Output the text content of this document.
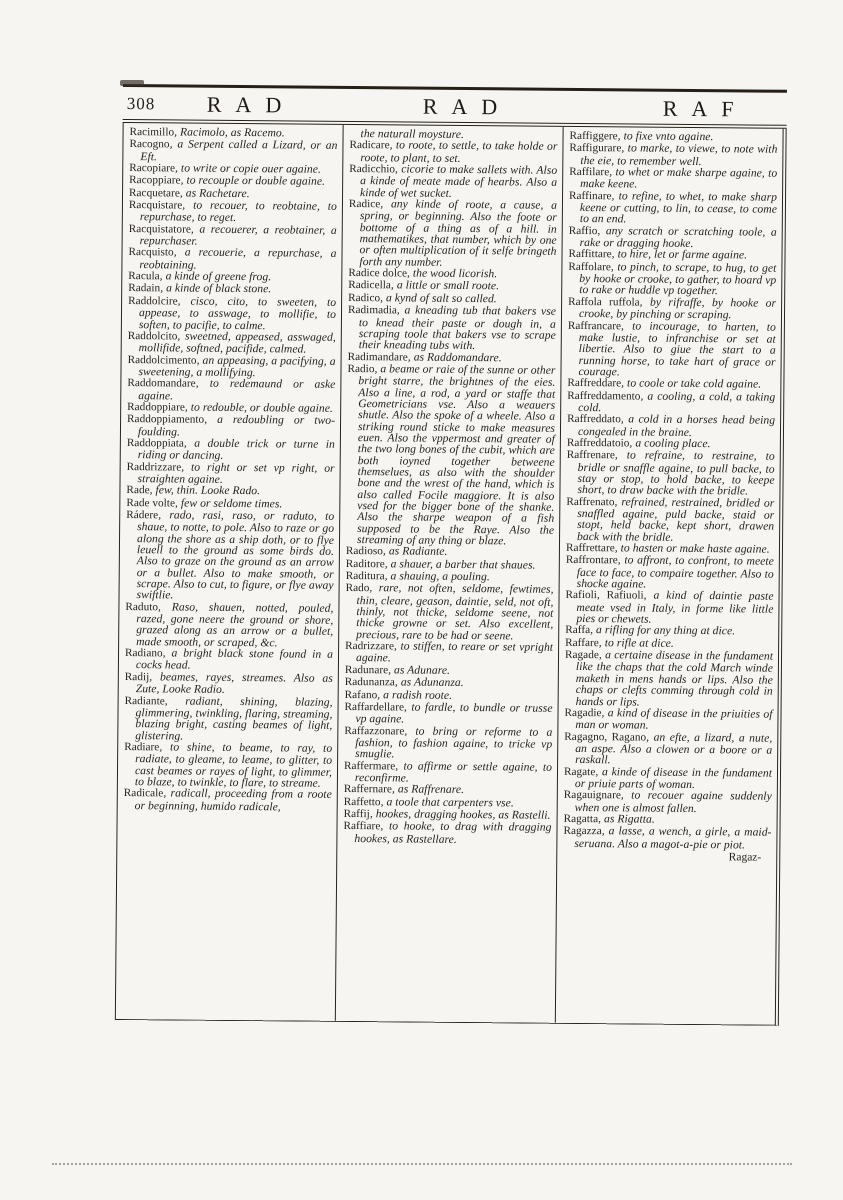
308 RAD	RAD	RAF
Racimillo, Racimolo, as Racemo.
Racogno, a Serpent called a Lizard, or an Eft.
Racopiare, to write or copie ouer againe.
Racoppiare, to recouple or double againe.
Racquetare, as Rachetare.
Racquistare, to recouer, to reobtaine, to repurchase, to reget.
Racquistatore, a recouerer, a reobtainer, a repurchaser.
Racquisto, a recouerie, a repurchase, a reobtaining.
Racula, a kinde of greene frog.
Radain, a kinde of black stone.
Raddolcire, cisco, cito, to sweeten, to appease, to asswage, to mollifie, to soften, to pacifie, to calme.
Raddolcito, sweetned, appeased, asswaged, mollifide, softned, pacifide, calmed.
Raddolcimento, an appeasing, a pacifying, a sweetening, a mollifying.
Raddomandare, to redemaund or aske againe.
Raddoppiare, to redouble, or double againe.
Raddoppiamento, a redoubling or two-foulding.
Raddoppiata, a double trick or turne in riding or dancing.
Raddrizzare, to right or set vp right, or straighten againe.
Rade, few, thin. Looke Rado.
Rade volte, few or seldome times.
Rádere, rado, rasi, raso, or raduto, to shaue, to notte, to pole. Also to raze or go along the shore as a ship doth, or to flye leuell to the ground as some birds do. Also to graze on the ground as an arrow or a bullet. Also to make smooth, or scrape. Also to cut, to figure, or flye away swiftlie.
Raduto, Raso, shauen, notted, pouled, razed, gone neere the ground or shore, grazed along as an arrow or a bullet, made smooth, or scraped, &c.
Radiano, a bright black stone found in a cocks head.
Radij, beames, rayes, streames. Also as Zute, Looke Radio.
Radiante, radiant, shining, blazing, glimmering, twinkling, flaring, streaming, blazing bright, casting beames of light, glistering.
Radiare, to shine, to beame, to ray, to radiate, to gleame, to leame, to glitter, to cast beames or rayes of light, to glimmer, to blaze, to twinkle, to flare, to streame.
Radicale, radicall, proceeding from a roote or beginning, humido radicale,
the naturall moysture.
Radicare, to roote, to settle, to take holde or roote, to plant, to set.
Radicchio, cicorie to make sallets with. Also a kinde of meate made of hearbs. Also a kinde of wet sucket.
Radice, any kinde of roote, a cause, a spring, or beginning. Also the foote or bottome of a thing as of a hill. in mathematikes, that number, which by one or often multiplication of it selfe bringeth forth any number.
Radice dolce, the wood licorish.
Radicella, a little or small roote.
Radico, a kynd of salt so called.
Radimadia, a kneading tub that bakers vse to knead their paste or dough in, a scraping toole that bakers vse to scrape their kneading tubs with.
Radimandare, as Raddomandare.
Radio, a beame or raie of the sunne or other bright starre, the brightnes of the eies. Also a line, a rod, a yard or staffe that Geometricians vse. Also a weauers shutle. Also the spoke of a wheele. Also a striking round sticke to make measures euen. Also the vppermost and greater of the two long bones of the cubit, which are both ioyned together betweene themselues, as also with the shoulder bone and the wrest of the hand, which is also called Focile maggiore. It is also vsed for the bigger bone of the shanke. Also the sharpe weapon of a fish supposed to be the Raye. Also the streaming of any thing or blaze.
Radioso, as Radiante.
Raditore, a shauer, a barber that shaues.
Raditura, a shauing, a pouling.
Rado, rare, not often, seldome, fewtimes, thin, cleare, geason, daintie, seld, not oft, thinly, not thicke, seldome seene, not thicke growne or set. Also excellent, precious, rare to be had or seene.
Radrizzare, to stiffen, to reare or set vpright againe.
Radunare, as Adunare.
Radunanza, as Adunanza.
Rafano, a radish roote.
Raffardellare, to fardle, to bundle or trusse vp againe.
Raffazzonare, to bring or reforme to a fashion, to fashion againe, to tricke vp smuglie.
Raffermare, to affirme or settle againe, to reconfirme.
Raffernare, as Raffrenare.
Raffetto, a toole that carpenters vse.
Raffij, hookes, dragging hookes, as Rastelli.
Raffiare, to hooke, to drag with dragging hookes, as Rastellare.
Raffiggere, to fixe vnto againe.
Raffigurare, to marke, to viewe, to note with the eie, to remember well.
Raffilare, to whet or make sharpe againe, to make keene.
Raffinare, to refine, to whet, to make sharp keene or cutting, to lin, to cease, to come to an end.
Raffio, any scratch or scratching toole, a rake or dragging hooke.
Raffittare, to hire, let or farme againe.
Raffolare, to pinch, to scrape, to hug, to get by hooke or crooke, to gather, to hoard vp to rake or huddle vp together.
Raffola ruffola, by rifraffe, by hooke or crooke, by pinching or scraping.
Raffrancare, to incourage, to harten, to make lustie, to infranchise or set at libertie. Also to giue the start to a running horse, to take hart of grace or courage.
Raffreddare, to coole or take cold againe.
Raffreddamento, a cooling, a cold, a taking cold.
Raffreddato, a cold in a horses head being congealed in the braine.
Raffreddatoio, a cooling place.
Raffrenare, to refraine, to restraine, to bridle or snaffle againe, to pull backe, to stay or stop, to hold backe, to keepe short, to draw backe with the bridle.
Raffrenato, refrained, restrained, bridled or snaffled againe, puld backe, staid or stopt, held backe, kept short, drawen back with the bridle.
Raffrettare, to hasten or make haste againe.
Raffrontare, to affront, to confront, to meete face to face, to compaire together. Also to shocke againe.
Rafioli, Rafiuoli, a kind of daintie paste meate vsed in Italy, in forme like little pies or chewets.
Raffa, a rifling for any thing at dice.
Raffare, to rifle at dice.
Ragade, a certaine disease in the fundament like the chaps that the cold March winde maketh in mens hands or lips. Also the chaps or clefts comming through cold in hands or lips.
Ragadie, a kind of disease in the priuities of man or woman.
Ragagno, Ragano, an efte, a lizard, a nute, an aspe. Also a clowen or a boore or a raskall.
Ragate, a kinde of disease in the fundament or priuie parts of woman.
Ragauignare, to recouer againe suddenly when one is almost fallen.
Ragatta, as Rigatta.
Ragazza, a lasse, a wench, a girle, a maid-seruana. Also a magot-a-pie or piot.
Ragaz-
